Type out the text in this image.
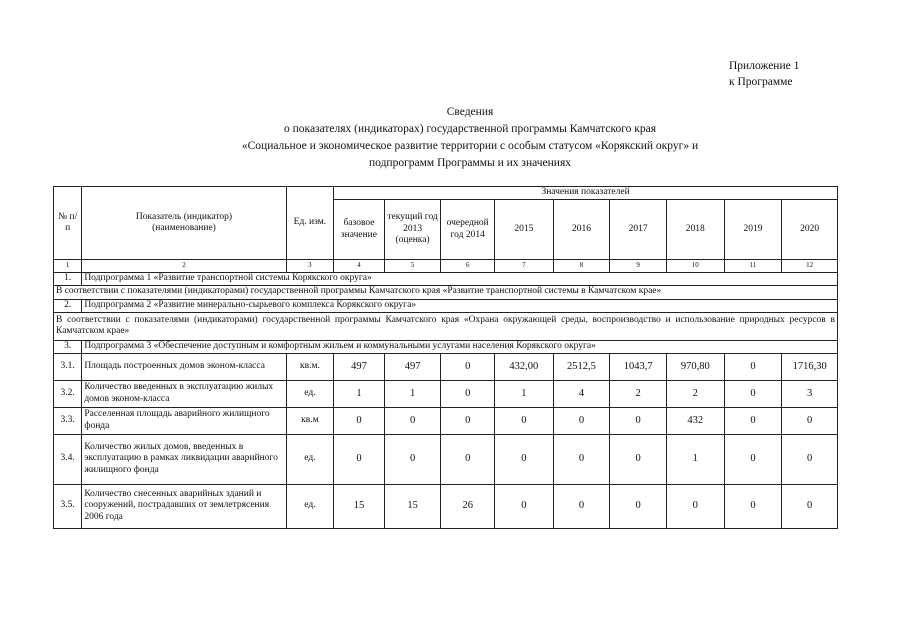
Приложение 1
к Программе
Сведения
о показателях (индикаторах) государственной программы Камчатского края
«Социальное и экономическое развитие территории с особым статусом «Корякский округ» и
подпрограмм Программы и их значениях
№ п/п	Показатель (индикатор) (наименование)	Ед. изм.	Значения показателей								
			базовое значение	текущий год 2013 (оценка)	очередной год 2014	2015	2016	2017	2018	2019	2020
1	2	3	4	5	6	7	8	9	10	11	12
1.	Подпрограмма 1 «Развитие транспортной системы Корякского округа»										
В соответствии с показателями (индикаторами) государственной программы Камчатского края «Развитие транспортной системы в Камчатском крае»											
2.	Подпрограмма 2 «Развитие минерально-сырьевого комплекса Корякского округа»										
В соответствии с показателями (индикаторами) государственной программы Камчатского края «Охрана окружающей среды, воспроизводство и использование природных ресурсов в Камчатском крае»											
3.	Подпрограмма 3 «Обеспечение доступным и комфортным жильем и коммунальными услугами населения Корякского округа»										
3.1.	Площадь построенных домов эконом-класса	кв.м.	497	497	0	432,00	2512,5	1043,7	970,80	0	1716,30
3.2.	Количество введенных в эксплуатацию жилых домов эконом-класса	ед.	1	1	0	1	4	2	2	0	3
3.3.	Расселенная площадь аварийного жилищного фонда	кв.м	0	0	0	0	0	0	432	0	0
3.4.	Количество жилых домов, введенных в эксплуатацию в рамках ликвидации аварийного жилищного фонда	ед.	0	0	0	0	0	0	1	0	0
3.5.	Количество снесенных аварийных зданий и сооружений, пострадавших от землетрясения 2006 года	ед.	15	15	26	0	0	0	0	0	0
